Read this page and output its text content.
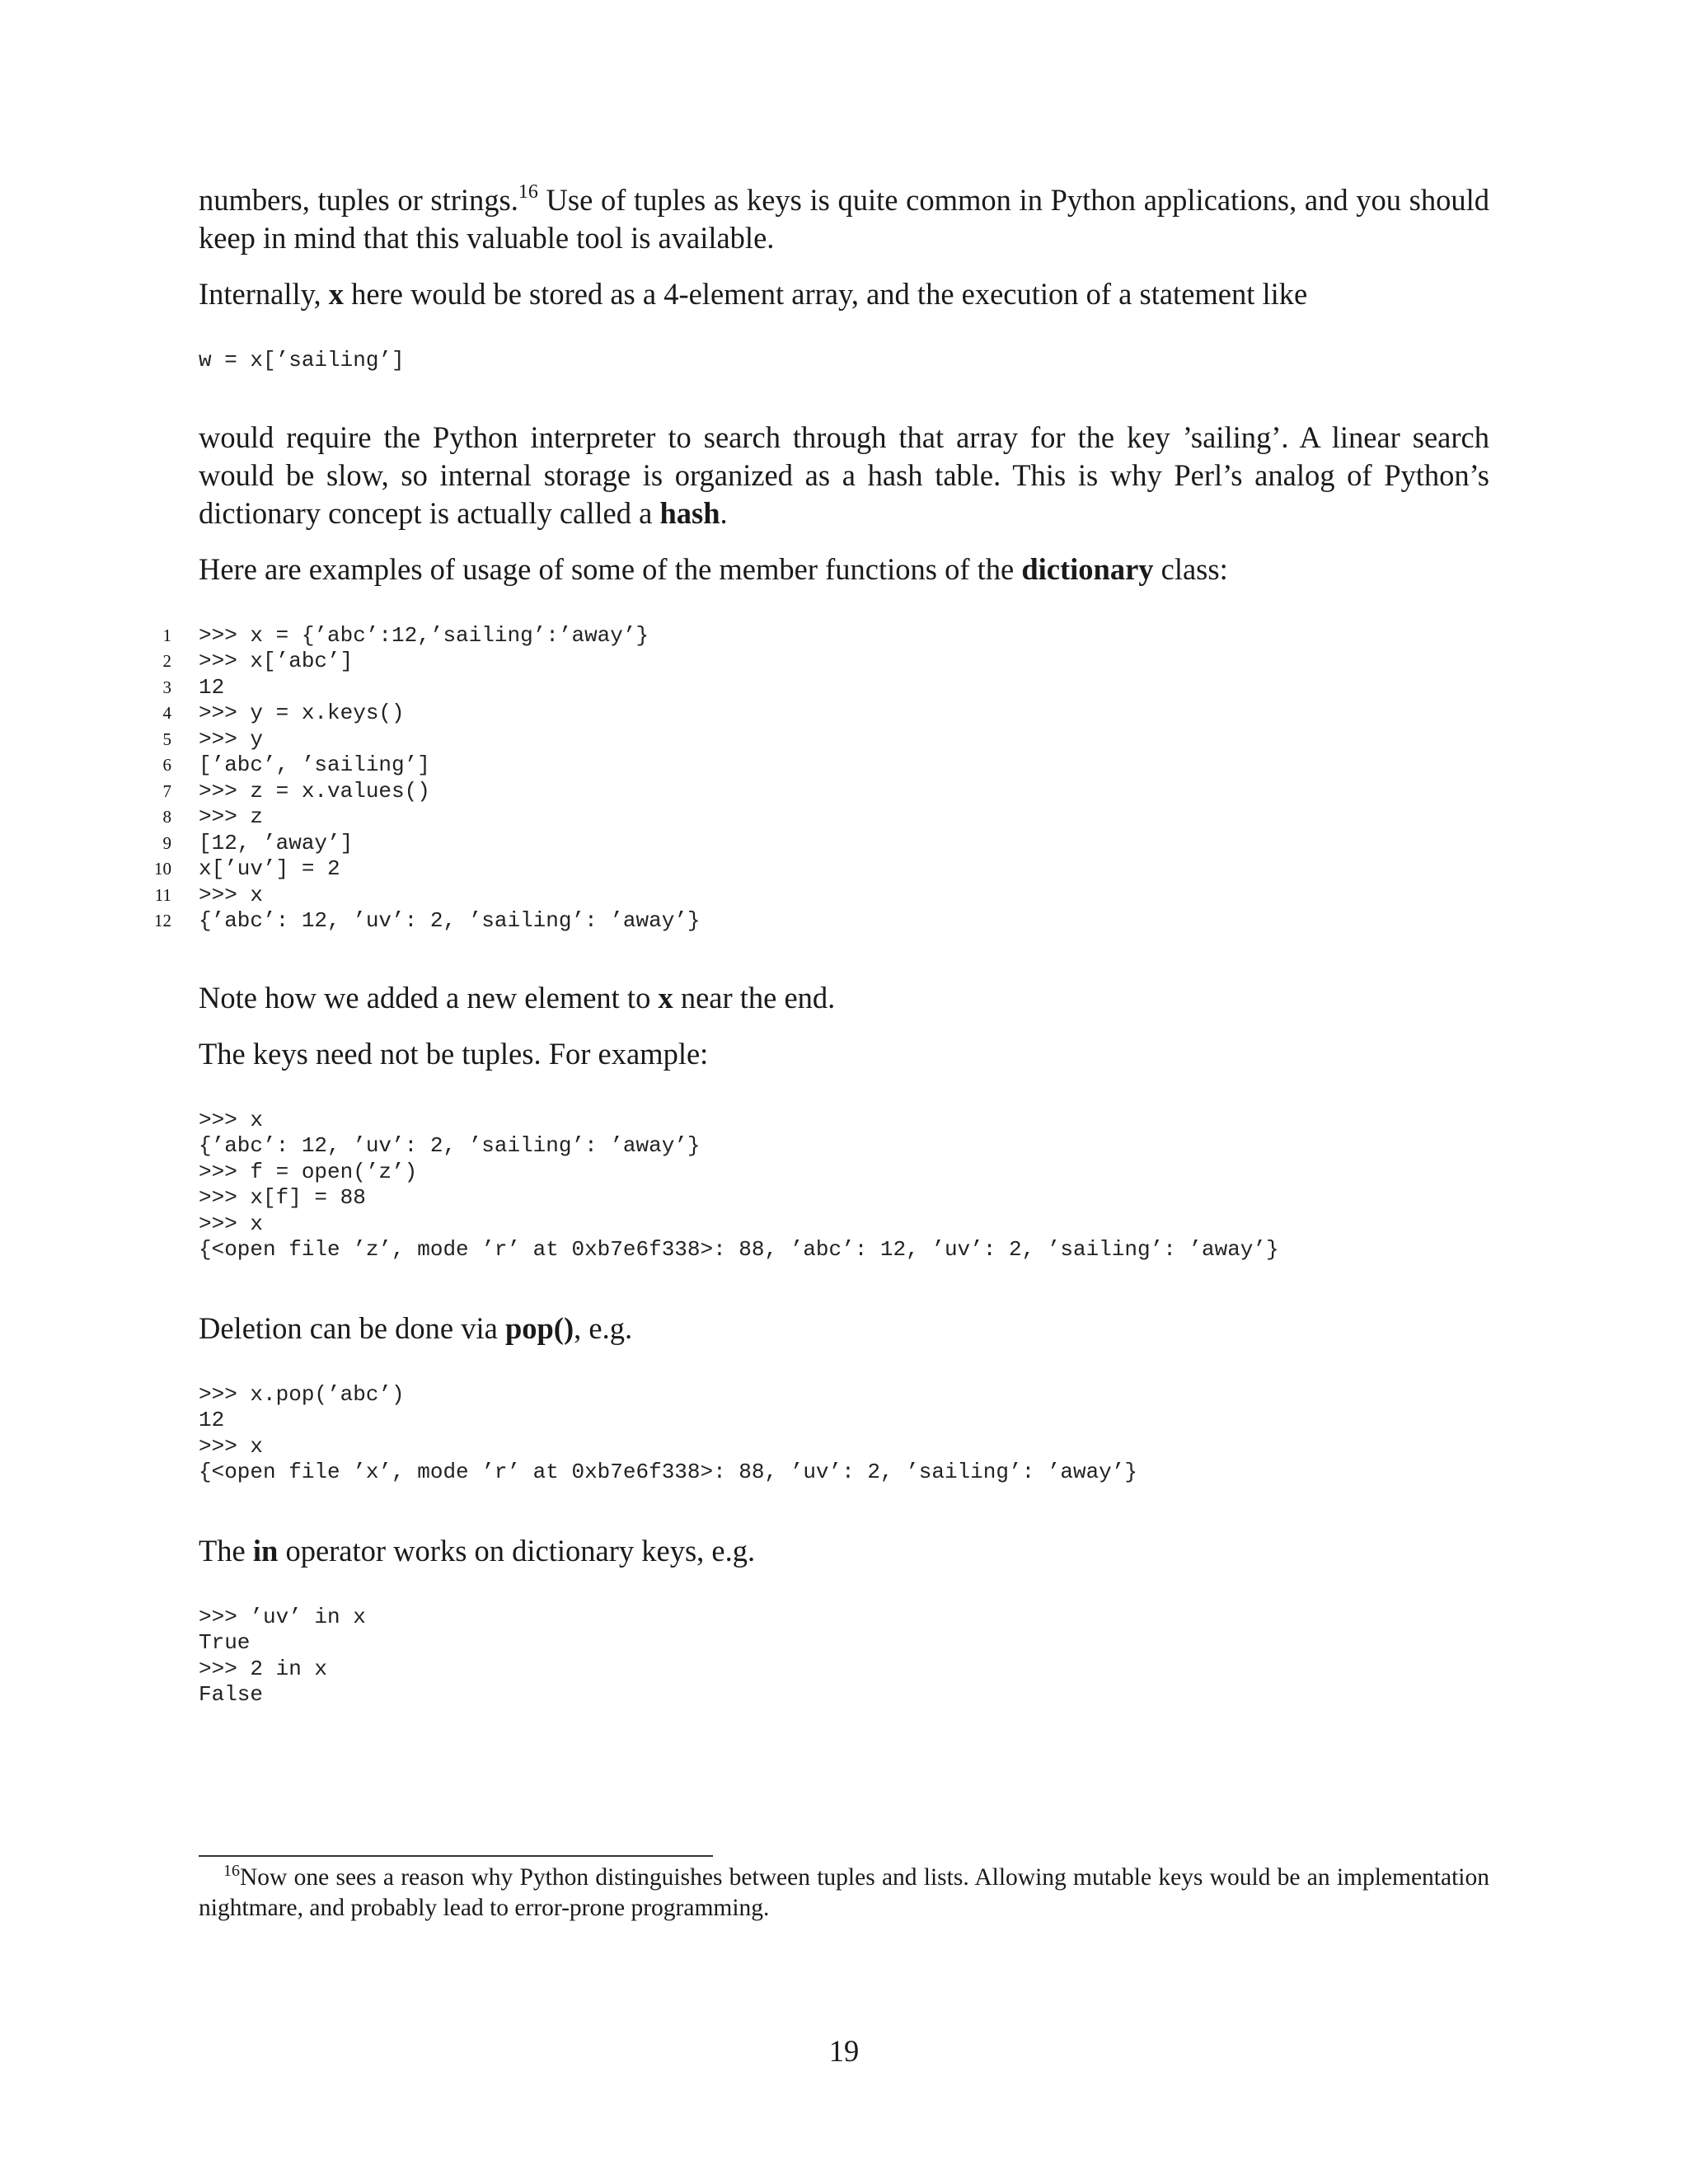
numbers, tuples or strings.$^{16}$ Use of tuples as keys is quite common in Python applications, and you should keep in mind that this valuable tool is available.

Internally, x here would be stored as a 4-element array, and the execution of a statement like

w = x[’sailing’]

would require the Python interpreter to search through that array for the key ’sailing’. A linear search would be slow, so internal storage is organized as a hash table. This is why Perl’s analog of Python’s dictionary concept is actually called a hash.

Here are examples of usage of some of the member functions of the dictionary class:

1 >>> x = {’abc’:12,’sailing’:’away’}
2 >>> x[’abc’]
3 12
4 >>> y = x.keys()
5 >>> y
6 [’abc’, ’sailing’]
7 >>> z = x.values()
8 >>> z
9 [12, ’away’]
10 x[’uv’] = 2
11 >>> x
12 {’abc’: 12, ’uv’: 2, ’sailing’: ’away’}

Note how we added a new element to x near the end.

The keys need not be tuples. For example:

>>> x
{’abc’: 12, ’uv’: 2, ’sailing’: ’away’}
>>> f = open(’z’)
>>> x[f] = 88
>>> x
{<open file ’z’, mode ’r’ at 0xb7e6f338>: 88, ’abc’: 12, ’uv’: 2, ’sailing’: ’away’}

Deletion can be done via pop(), e.g.

>>> x.pop(’abc’)
12
>>> x
{<open file ’x’, mode ’r’ at 0xb7e6f338>: 88, ’uv’: 2, ’sailing’: ’away’}

The in operator works on dictionary keys, e.g.

>>> ’uv’ in x
True
>>> 2 in x
False
$^{16}$Now one sees a reason why Python distinguishes between tuples and lists. Allowing mutable keys would be an implementation nightmare, and probably lead to error-prone programming.
19
